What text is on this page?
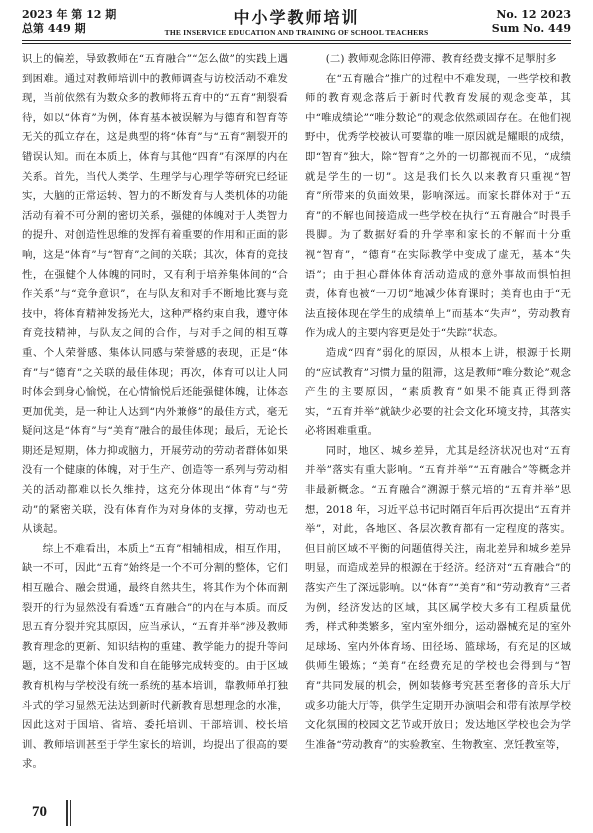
2023 年 第 12 期
总第 449 期
中小学教师培训
THE INSERVICE EDUCATION AND TRAINING OF SCHOOL TEACHERS
No. 12 2023
Sum No. 449

识上的偏差，导致教师在“五育融合”“怎么做”的实践上遇到困难。通过对教师培训中的教师调查与访校活动不难发现，当前依然有为数众多的教师将五育中的“五育”割裂看待，如以“体育”为例，体育基本被误解为与德育和智育等无关的孤立存在，这是典型的将“体育”与“五育”割裂开的错误认知。而在本质上，体育与其他“四育”有深厚的内在关系。首先，当代人类学、生理学与心理学等研究已经证实，大脑的正常运转、智力的不断发育与人类机体的功能活动有着不可分割的密切关系，强健的体魄对于人类智力的提升、对创造性思维的发挥有着重要的作用和正面的影响，这是“体育”与“智育”之间的关联；其次，体育的竞技性，在强健个人体魄的同时，又有利于培养集体间的“合作关系”与“竞争意识”，在与队友和对手不断地比赛与竞技中，将体育精神发扬光大，这种严格约束自我，遵守体育竞技精神，与队友之间的合作，与对手之间的相互尊重、个人荣誉感、集体认同感与荣誉感的表现，正是“体育”与“德育”之关联的最佳体现；再次，体育可以让人同时体会到身心愉悦，在心情愉悦后还能强健体魄，让体态更加优美，是一种让人达到“内外兼修”的最佳方式，毫无疑问这是“体育”与“美育”融合的最佳体现；最后，无论长期还是短期，体力抑或脑力，开展劳动的劳动者群体如果没有一个健康的体魄，对于生产、创造等一系列与劳动相关的活动都难以长久维持，这充分体现出“体育”与“劳动”的紧密关联，没有体育作为对身体的支撑，劳动也无从谈起。

综上不难看出，本质上“五育”相辅相成，相互作用，缺一不可，因此“五育”始终是一个不可分割的整体，它们相互融合、融会贯通，最终自然共生，将其作为个体而割裂开的行为显然没有看透“五育融合”的内在与本质。而反思五育分裂并究其原因，应当承认，“五育并举”涉及教师教育理念的更新、知识结构的重建、教学能力的提升等问题，这不是靠个体自发和自在能够完成转变的。由于区域教育机构与学校没有统一系统的基本培训，靠教师单打独斗式的学习显然无法达到新时代新教育思想理念的水准，因此这对于国培、省培、委托培训、干部培训、校长培训、教师培训甚至于学生家长的培训，均提出了很高的要求。

(二) 教师观念陈旧停滞、教育经费支撑不足掣肘多

在“五育融合”推广的过程中不难发现，一些学校和教师的教育观念落后于新时代教育发展的观念变革，其中“唯成绩论”“唯分数论”的观念依然顽固存在。在他们视野中，优秀学校被认可要靠的唯一原因就是耀眼的成绩，即“智育”独大，除“智育”之外的一切都视而不见，“成绩就是学生的一切”。这是我们长久以来教育只重视“智育”所带来的负面效果，影响深远。而家长群体对于“五育”的不解也间接造成一些学校在执行“五育融合”时畏手畏脚。为了数据好看的升学率和家长的不解而十分重视“智育”，“德育”在实际教学中变成了虚无，基本“失语”；由于担心群体体育活动造成的意外事故而惧怕担责，体育也被“一刀切”地减少体育课时；美育也由于“无法直接体现在学生的成绩单上”而基本“失声”，劳动教育作为成人的主要内容更是处于“失踪”状态。

造成“四育”弱化的原因，从根本上讲，根源于长期的“应试教育”习惯力量的阻滞，这是教师“唯分数论”观念产生的主要原因，“素质教育”如果不能真正得到落实，“五育并举”就缺少必要的社会文化环境支持，其落实必将困难重重。

同时，地区、城乡差异，尤其是经济状况也对“五育并举”落实有重大影响。“五育并举”“五育融合”等概念并非最新概念。“五育融合”溯源于蔡元培的“五育并举”思想，2018 年，习近平总书记时隔百年后再次提出“五育并举”，对此，各地区、各层次教育都有一定程度的落实。但目前区域不平衡的问题值得关注，南北差异和城乡差异明显，而造成差异的根源在于经济。经济对“五育融合”的落实产生了深远影响。以“体育”“美育”和“劳动教育”三者为例，经济发达的区域，其区属学校大多有工程质量优秀，样式种类繁多，室内室外细分，运动器械充足的室外足球场、室内外体育场、田径场、篮球场，有充足的区域供师生锻炼；“美育”在经费充足的学校也会得到与“智育”共同发展的机会，例如装修考究甚至奢侈的音乐大厅或多功能大厅等，供学生定期开办演唱会和带有浓厚学校文化氛围的校园文艺节或开放日；发达地区学校也会为学生准备“劳动教育”的实验教室、生物教室、烹饪教室等，

70
